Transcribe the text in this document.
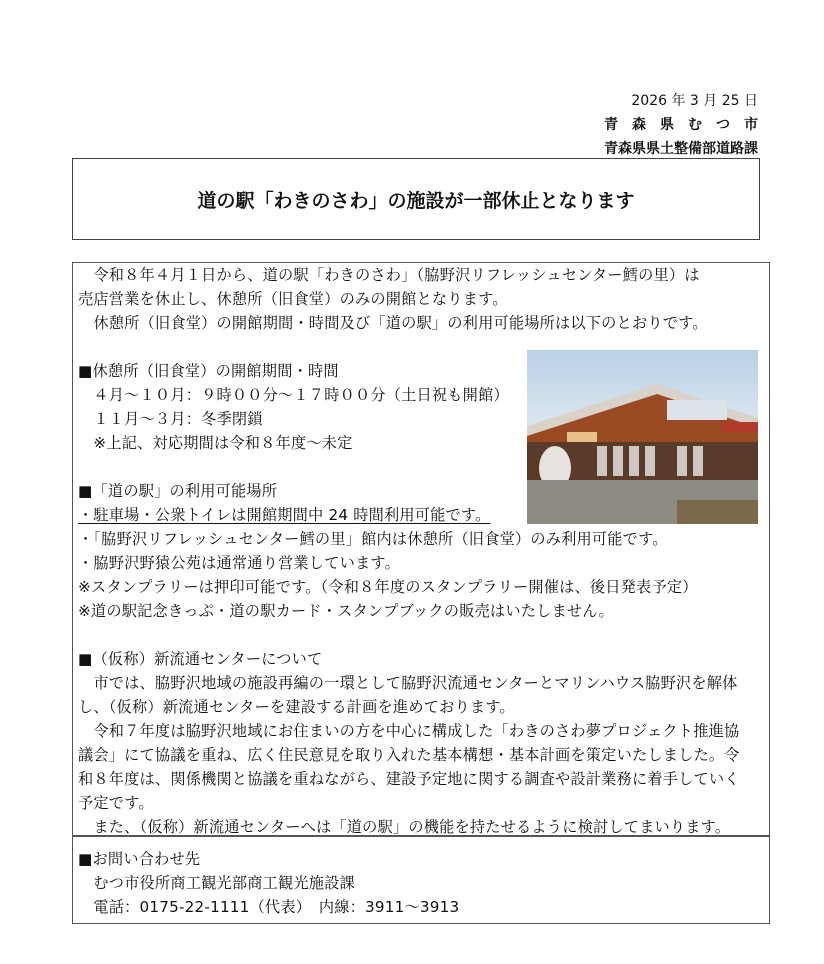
2026 年 3 月 25 日
青　森　県　む　つ　市
青森県県土整備部道路課
道の駅「わきのさわ」の施設が一部休止となります
　令和８年４月１日から、道の駅「わきのさわ」（脇野沢リフレッシュセンター鱈の里）は
売店営業を休止し、休憩所（旧食堂）のみの開館となります。
　休憩所（旧食堂）の開館期間・時間及び「道の駅」の利用可能場所は以下のとおりです。
■休憩所（旧食堂）の開館期間・時間
　４月～１０月：９時００分～１７時００分（土日祝も開館）
　１１月～３月：冬季閉鎖
　※上記、対応期間は令和８年度～未定
■「道の駅」の利用可能場所
・駐車場・公衆トイレは開館期間中 24 時間利用可能です。
・「脇野沢リフレッシュセンター鱈の里」館内は休憩所（旧食堂）のみ利用可能です。
・脇野沢野猿公苑は通常通り営業しています。
※スタンプラリーは押印可能です。（令和８年度のスタンプラリー開催は、後日発表予定）
※道の駅記念きっぷ・道の駅カード・スタンプブックの販売はいたしません。
■（仮称）新流通センターについて
　市では、脇野沢地域の施設再編の一環として脇野沢流通センターとマリンハウス脇野沢を解体
し、（仮称）新流通センターを建設する計画を進めております。
　令和７年度は脇野沢地域にお住まいの方を中心に構成した「わきのさわ夢プロジェクト推進協
議会」にて協議を重ね、広く住民意見を取り入れた基本構想・基本計画を策定いたしました。令
和８年度は、関係機関と協議を重ねながら、建設予定地に関する調査や設計業務に着手していく
予定です。
　また、（仮称）新流通センターへは「道の駅」の機能を持たせるように検討してまいります。
■お問い合わせ先
　むつ市役所商工観光部商工観光施設課
　電話：0175-22-1111（代表）　内線：3911～3913
